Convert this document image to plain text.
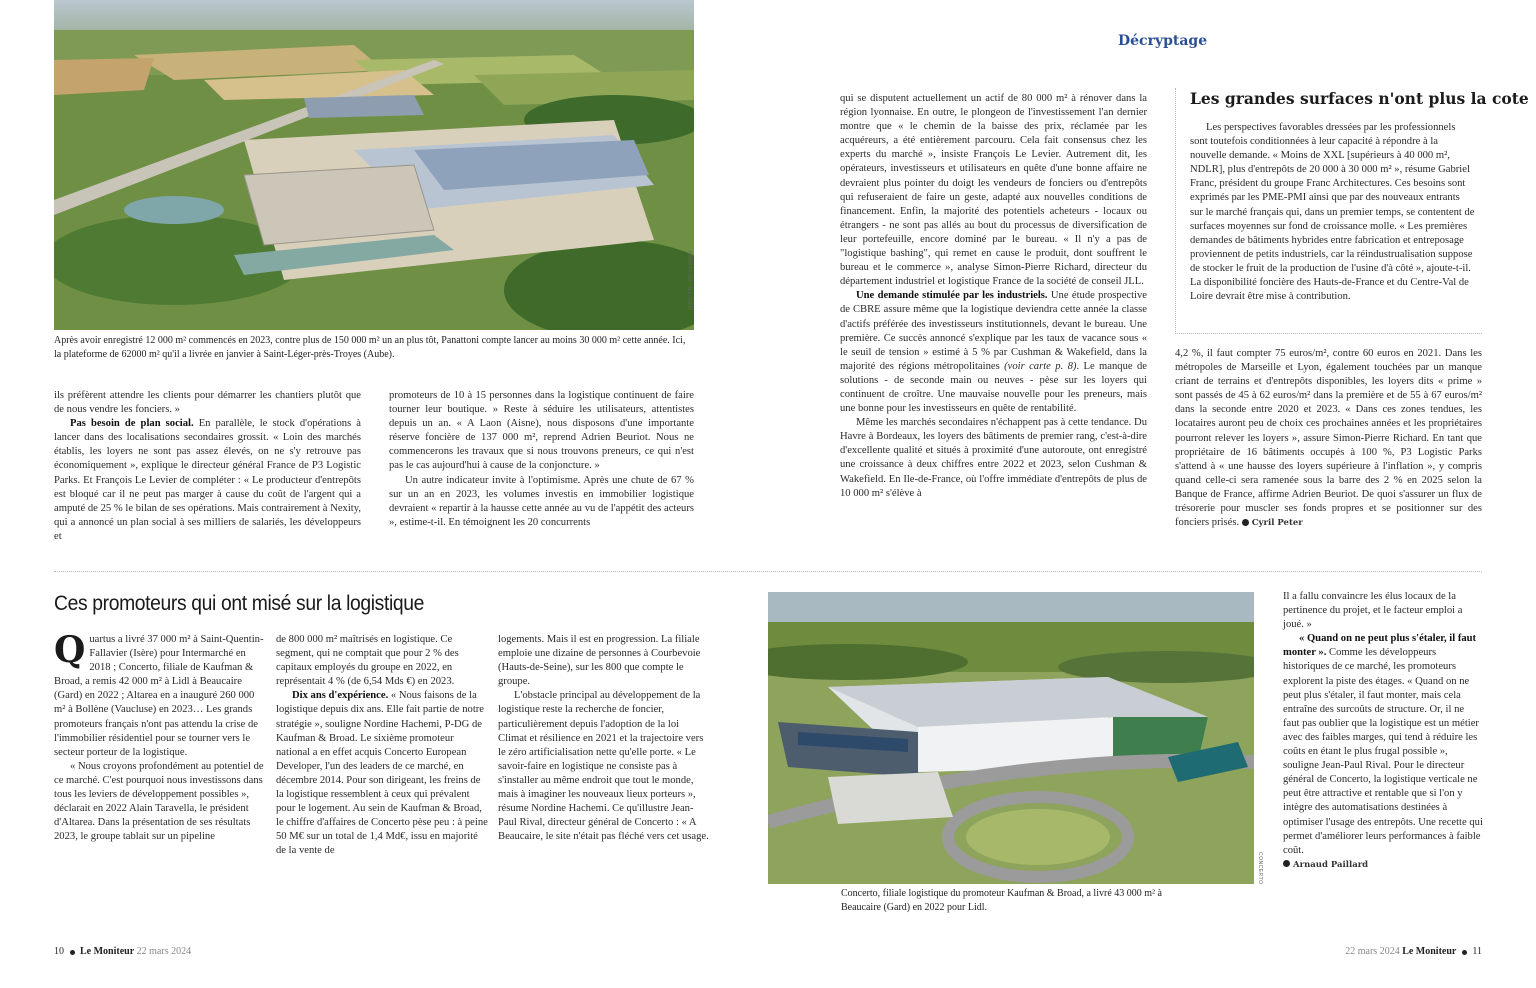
PANATTONI-JLL-GDM
Après avoir enregistré 12 000 m² commencés en 2023, contre plus de 150 000 m² un an plus tôt, Panattoni compte lancer au moins 30 000 m² cette année. Ici, la plateforme de 62000 m² qu'il a livrée en janvier à Saint-Léger-près-Troyes (Aube).

ils préfèrent attendre les clients pour démarrer les chantiers plutôt que de nous vendre les fonciers. »

Pas besoin de plan social. En parallèle, le stock d'opérations à lancer dans des localisations secondaires grossit. « Loin des marchés établis, les loyers ne sont pas assez élevés, on ne s'y retrouve pas économiquement », explique le directeur général France de P3 Logistic Parks. Et François Le Levier de compléter : « Le producteur d'entrepôts est bloqué car il ne peut pas marger à cause du coût de l'argent qui a amputé de 25 % le bilan de ses opérations. Mais contrairement à Nexity, qui a annoncé un plan social à ses milliers de salariés, les développeurs et

promoteurs de 10 à 15 personnes dans la logistique continuent de faire tourner leur boutique. » Reste à séduire les utilisateurs, attentistes depuis un an. « A Laon (Aisne), nous disposons d'une importante réserve foncière de 137 000 m², reprend Adrien Beuriot. Nous ne commencerons les travaux que si nous trouvons preneurs, ce qui n'est pas le cas aujourd'hui à cause de la conjoncture. »

Un autre indicateur invite à l'optimisme. Après une chute de 67 % sur un an en 2023, les volumes investis en immobilier logistique devraient « repartir à la hausse cette année au vu de l'appétit des acteurs », estime-t-il. En témoignent les 20 concurrents

Ces promoteurs qui ont misé sur la logistique

Quartus a livré 37 000 m² à Saint-Quentin-Fallavier (Isère) pour Intermarché en 2018 ; Concerto, filiale de Kaufman & Broad, a remis 42 000 m² à Lidl à Beaucaire (Gard) en 2022 ; Altarea en a inauguré 260 000 m² à Bollène (Vaucluse) en 2023… Les grands promoteurs français n'ont pas attendu la crise de l'immobilier résidentiel pour se tourner vers le secteur porteur de la logistique.

« Nous croyons profondément au potentiel de ce marché. C'est pourquoi nous investissons dans tous les leviers de développement possibles », déclarait en 2022 Alain Taravella, le président d'Altarea. Dans la présentation de ses résultats 2023, le groupe tablait sur un pipeline

de 800 000 m² maîtrisés en logistique. Ce segment, qui ne comptait que pour 2 % des capitaux employés du groupe en 2022, en représentait 4 % (de 6,54 Mds €) en 2023.

Dix ans d'expérience. « Nous faisons de la logistique depuis dix ans. Elle fait partie de notre stratégie », souligne Nordine Hachemi, P-DG de Kaufman & Broad. Le sixième promoteur national a en effet acquis Concerto European Developer, l'un des leaders de ce marché, en décembre 2014. Pour son dirigeant, les freins de la logistique ressemblent à ceux qui prévalent pour le logement. Au sein de Kaufman & Broad, le chiffre d'affaires de Concerto pèse peu : à peine 50 M€ sur un total de 1,4 Md€, issu en majorité de la vente de

logements. Mais il est en progression. La filiale emploie une dizaine de personnes à Courbevoie (Hauts-de-Seine), sur les 800 que compte le groupe.

L'obstacle principal au développement de la logistique reste la recherche de foncier, particulièrement depuis l'adoption de la loi Climat et résilience en 2021 et la trajectoire vers le zéro artificialisation nette qu'elle porte. « Le savoir-faire en logistique ne consiste pas à s'installer au même endroit que tout le monde, mais à imaginer les nouveaux lieux porteurs », résume Nordine Hachemi. Ce qu'illustre Jean-Paul Rival, directeur général de Concerto : « A Beaucaire, le site n'était pas fléché vers cet usage.

10 Le Moniteur 22 mars 2024
Décryptage

qui se disputent actuellement un actif de 80 000 m² à rénover dans la région lyonnaise. En outre, le plongeon de l'investissement l'an dernier montre que « le chemin de la baisse des prix, réclamée par les acquéreurs, a été entièrement parcouru. Cela fait consensus chez les experts du marché », insiste François Le Levier. Autrement dit, les opérateurs, investisseurs et utilisateurs en quête d'une bonne affaire ne devraient plus pointer du doigt les vendeurs de fonciers ou d'entrepôts qui refuseraient de faire un geste, adapté aux nouvelles conditions de financement. Enfin, la majorité des potentiels acheteurs - locaux ou étrangers - ne sont pas allés au bout du processus de diversification de leur portefeuille, encore dominé par le bureau. « Il n'y a pas de "logistique bashing", qui remet en cause le produit, dont souffrent le bureau et le commerce », analyse Simon-Pierre Richard, directeur du département industriel et logistique France de la société de conseil JLL.

Une demande stimulée par les industriels. Une étude prospective de CBRE assure même que la logistique deviendra cette année la classe d'actifs préférée des investisseurs institutionnels, devant le bureau. Une première. Ce succès annoncé s'explique par les taux de vacance sous « le seuil de tension » estimé à 5 % par Cushman & Wakefield, dans la majorité des régions métropolitaines (voir carte p. 8). Le manque de solutions - de seconde main ou neuves - pèse sur les loyers qui continuent de croître. Une mauvaise nouvelle pour les preneurs, mais une bonne pour les investisseurs en quête de rentabilité.

Même les marchés secondaires n'échappent pas à cette tendance. Du Havre à Bordeaux, les loyers des bâtiments de premier rang, c'est-à-dire d'excellente qualité et situés à proximité d'une autoroute, ont enregistré une croissance à deux chiffres entre 2022 et 2023, selon Cushman & Wakefield. En Ile-de-France, où l'offre immédiate d'entrepôts de plus de 10 000 m² s'élève à

Les grandes surfaces n'ont plus la cote

Les perspectives favorables dressées par les professionnels sont toutefois conditionnées à leur capacité à répondre à la nouvelle demande. « Moins de XXL [supérieurs à 40 000 m², NDLR], plus d'entrepôts de 20 000 à 30 000 m² », résume Gabriel Franc, président du groupe Franc Architectures. Ces besoins sont exprimés par les PME-PMI ainsi que par des nouveaux entrants sur le marché français qui, dans un premier temps, se contentent de surfaces moyennes sur fond de croissance molle. « Les premières demandes de bâtiments hybrides entre fabrication et entreposage proviennent de petits industriels, car la réindustrualisation suppose de stocker le fruit de la production de l'usine d'à côté », ajoute-t-il. La disponibilité foncière des Hauts-de-France et du Centre-Val de Loire devrait être mise à contribution.

4,2 %, il faut compter 75 euros/m², contre 60 euros en 2021. Dans les métropoles de Marseille et Lyon, également touchées par un manque criant de terrains et d'entrepôts disponibles, les loyers dits « prime » sont passés de 45 à 62 euros/m² dans la première et de 55 à 67 euros/m² dans la seconde entre 2020 et 2023. « Dans ces zones tendues, les locataires auront peu de choix ces prochaines années et les propriétaires pourront relever les loyers », assure Simon-Pierre Richard. En tant que propriétaire de 16 bâtiments occupés à 100 %, P3 Logistic Parks s'attend à « une hausse des loyers supérieure à l'inflation », y compris quand celle-ci sera ramenée sous la barre des 2 % en 2025 selon la Banque de France, affirme Adrien Beuriot. De quoi s'assurer un flux de trésorerie pour muscler ses fonds propres et se positionner sur des fonciers prisés. Cyril Peter

CONCERTO
Concerto, filiale logistique du promoteur Kaufman & Broad, a livré 43 000 m² à Beaucaire (Gard) en 2022 pour Lidl.

Il a fallu convaincre les élus locaux de la pertinence du projet, et le facteur emploi a joué. »

« Quand on ne peut plus s'étaler, il faut monter ». Comme les développeurs historiques de ce marché, les promoteurs explorent la piste des étages. « Quand on ne peut plus s'étaler, il faut monter, mais cela entraîne des surcoûts de structure. Or, il ne faut pas oublier que la logistique est un métier avec des faibles marges, qui tend à réduire les coûts en étant le plus frugal possible », souligne Jean-Paul Rival. Pour le directeur général de Concerto, la logistique verticale ne peut être attractive et rentable que si l'on y intègre des automatisations destinées à optimiser l'usage des entrepôts. Une recette qui permet d'améliorer leurs performances à faible coût.

Arnaud Paillard

22 mars 2024 Le Moniteur 11
